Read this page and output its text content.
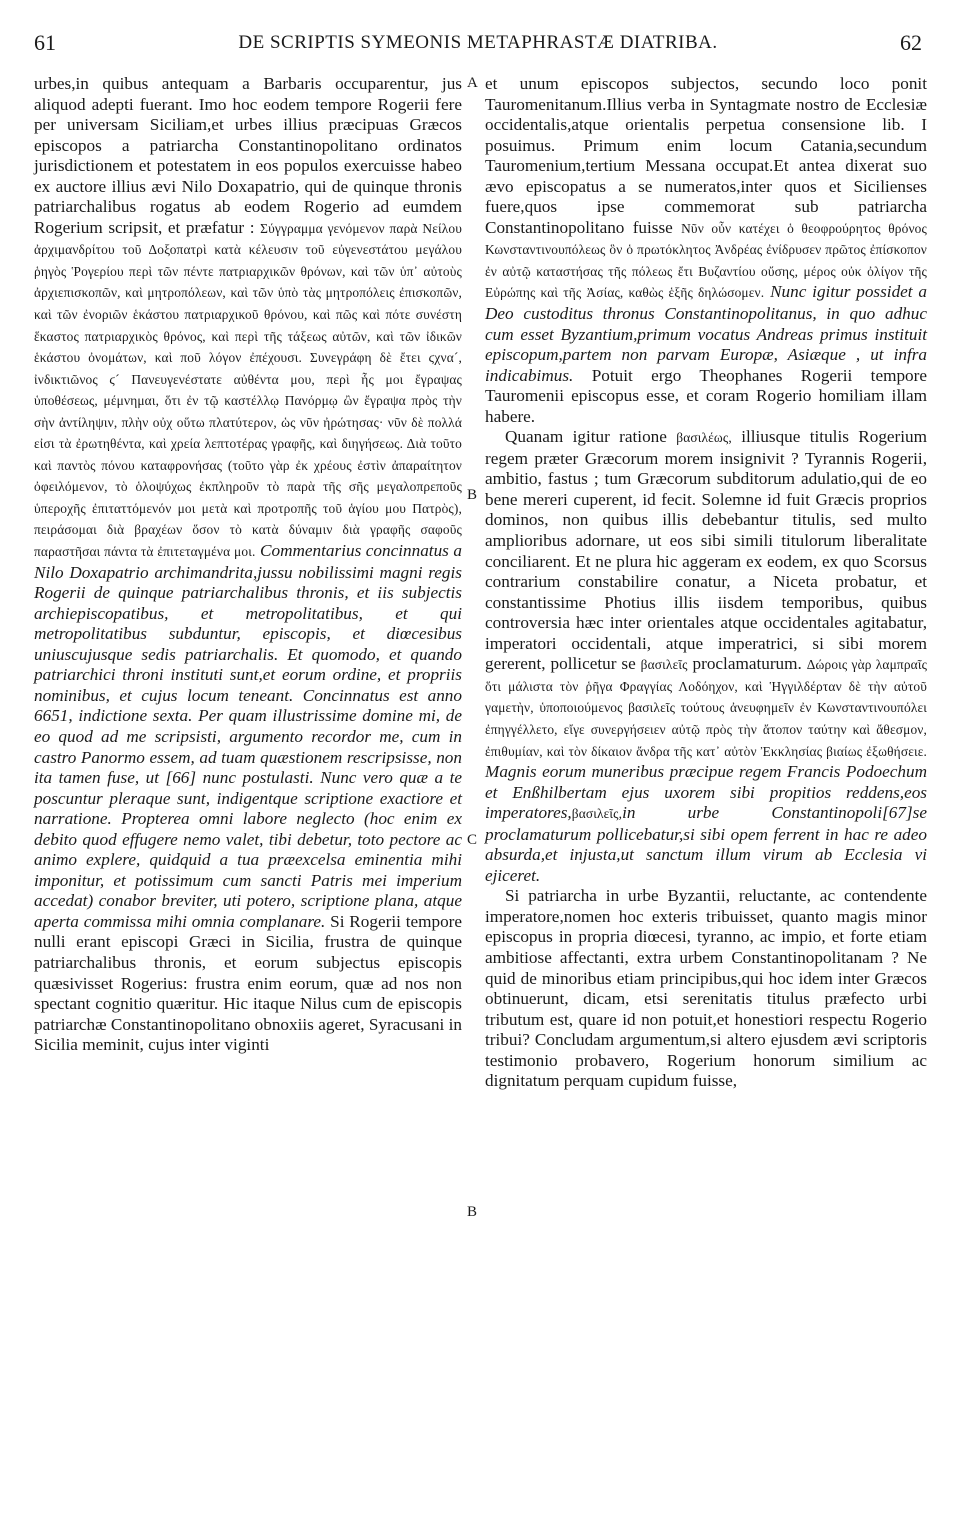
61	DE SCRIPTIS SYMEONIS METAPHRASTÆ DIATRIBA.	62
A
B
C
B

urbes,in quibus antequam a Barbaris occuparentur, jus aliquod adepti fuerant. Imo hoc eodem tempore Rogerii fere per universam Siciliam,et urbes illius præcipuas Græcos episcopos a patriarcha Constantinopolitano ordinatos jurisdictionem et potestatem in eos populos exercuisse habeo ex auctore illius ævi Nilo Doxapatrio, qui de quinque thronis patriarchalibus rogatus ab eodem Rogerio ad eumdem Rogerium scripsit, et præfatur : Σύγγραμμα γενόμενον παρὰ Νείλου ἀρχιμανδρίτου τοῦ Δοξοπατρὶ κατὰ κέλευσιν τοῦ εὐγενεστάτου μεγάλου ῥηγὸς Ῥογερίου περὶ τῶν πέντε πατριαρχικῶν θρόνων, καὶ τῶν ὑπ᾽ αὐτοὺς ἀρχιεπισκοπῶν, καὶ μητροπόλεων, καὶ τῶν ὑπὸ τὰς μητροπόλεις ἐπισκοπῶν, καὶ τῶν ἐνοριῶν ἑκάστου πατριαρχικοῦ θρόνου, καὶ πῶς καὶ πότε συνέστη ἕκαστος πατριαρχικὸς θρόνος, καὶ περὶ τῆς τάξεως αὐτῶν, καὶ τῶν ἰδικῶν ἑκάστου ὀνομάτων, καὶ ποῦ λόγον ἐπέχουσι. Συνεγράφη δὲ ἔτει ϛχνα´, ἰνδικτιῶνος ϛ´ Πανευγενέστατε αὐθέντα μου, περὶ ἧς μοι ἔγραψας ὑποθέσεως, μέμνημαι, ὅτι ἐν τῷ καστέλλῳ Πανόρμῳ ὢν ἔγραψα πρὸς τὴν σὴν ἀντίληψιν, πλὴν οὐχ οὕτω πλατύτερον, ὡς νῦν ἠρώτησας· νῦν δὲ πολλά εἰσι τὰ ἐρωτηθέντα, καὶ χρεία λεπτοτέρας γραφῆς, καὶ διηγήσεως. Διὰ τοῦτο καὶ παντὸς πόνου καταφρονήσας (τοῦτο γὰρ ἐκ χρέους ἐστὶν ἀπαραίτητον ὀφειλόμενον, τὸ ὁλοψύχως ἐκπληροῦν τὸ παρὰ τῆς σῆς μεγαλοπρεποῦς ὑπεροχῆς ἐπιταττόμενόν μοι μετὰ καὶ προτροπῆς τοῦ ἁγίου μου Πατρὸς), πειράσομαι διὰ βραχέων ὅσον τὸ κατὰ δύναμιν διὰ γραφῆς σαφοῦς παραστῆσαι πάντα τὰ ἐπιτεταγμένα μοι. Commentarius concinnatus a Nilo Doxapatrio archimandrita,jussu nobilissimi magni regis Rogerii de quinque patriarchalibus thronis, et iis subjectis archiepiscopatibus, et metropolitatibus, et qui metropolitatibus subduntur, episcopis, et diœcesibus uniuscujusque sedis patriarchalis. Et quomodo, et quando patriarchici throni instituti sunt,et eorum ordine, et propriis nominibus, et cujus locum teneant. Concinnatus est anno 6651, indictione sexta. Per quam illustrissime domine mi, de eo quod ad me scripsisti, argumento recordor me, cum in castro Panormo essem, ad tuam quæstionem rescripsisse, non ita tamen fuse, ut [66] nunc postulasti. Nunc vero quæ a te poscuntur pleraque sunt, indigentque scriptione exactiore et narratione. Propterea omni labore neglecto (hoc enim ex debito quod effugere nemo valet, tibi debetur, toto pectore ac animo explere, quidquid a tua præexcelsa eminentia mihi imponitur, et potissimum cum sancti Patris mei imperium accedat) conabor breviter, uti potero, scriptione plana, atque aperta commissa mihi omnia complanare. Si Rogerii tempore nulli erant episcopi Græci in Sicilia, frustra de quinque patriarchalibus thronis, et eorum subjectus episcopis quæsivisset Rogerius: frustra enim eorum, quæ ad nos non spectant cognitio quæritur. Hic itaque Nilus cum de episcopis patriarchæ Constantinopolitano obnoxiis ageret, Syracusani in Sicilia meminit, cujus inter viginti

et unum episcopos subjectos, secundo loco ponit Tauromenitanum.Illius verba in Syntagmate nostro de Ecclesiæ occidentalis,atque orientalis perpetua consensione lib. I posuimus. Primum enim locum Catania,secundum Tauromenium,tertium Messana occupat.Et antea dixerat suo ævo episcopatus a se numeratos,inter quos et Sicilienses fuere,quos ipse commemorat sub patriarcha Constantinopolitano fuisse Νῦν οὖν κατέχει ὁ θεοφρούρητος θρόνος Κωνσταντινουπόλεως ὃν ὁ πρωτόκλητος Ἀνδρέας ἐνίδρυσεν πρῶτος ἐπίσκοπον ἐν αὐτῷ καταστήσας τῆς πόλεως ἔτι Βυζαντίου οὔσης, μέρος οὐκ ὀλίγον τῆς Εὐρώπης καὶ τῆς Ἀσίας, καθὼς ἑξῆς δηλώσομεν. Nunc igitur possidet a Deo custoditus thronus Constantinopolitanus, in quo adhuc cum esset Byzantium,primum vocatus Andreas primus instituit episcopum,partem non parvam Europæ, Asiæque , ut infra indicabimus. Potuit ergo Theophanes Rogerii tempore Tauromenii episcopus esse, et coram Rogerio homiliam illam habere.

Quanam igitur ratione βασιλέως, illiusque titulis Rogerium regem præter Græcorum morem insignivit ? Tyrannis Rogerii, ambitio, fastus ; tum Græcorum subditorum adulatio,qui de eo bene mereri cuperent, id fecit. Solemne id fuit Græcis proprios dominos, non quibus illis debebantur titulis, sed multo amplioribus adornare, ut eos sibi simili titulorum liberalitate conciliarent. Et ne plura hic aggeram ex eodem, ex quo Scorsus contrarium constabilire conatur, a Niceta probatur, et constantissime Photius illis iisdem temporibus, quibus controversia hæc inter orientales atque occidentales agitabatur, imperatori occidentali, atque imperatrici, si sibi morem gererent, pollicetur se βασιλεῖς proclamaturum. Δώροις γὰρ λαμπραῖς ὅτι μάλιστα τὸν ῥῆγα Φραγγίας Λοδόηχον, καὶ Ἡγγιλδέρταν δὲ τὴν αὐτοῦ γαμετὴν, ὑποποιούμενος βασιλεῖς τούτους ἀνευφημεῖν ἐν Κωνσταντινουπόλει ἐπηγγέλλετο, εἴγε συνεργήσειεν αὐτῷ πρὸς τὴν ἄτοπον ταύτην καὶ ἄθεσμον, ἐπιθυμίαν, καὶ τὸν δίκαιον ἄνδρα τῆς κατ᾽ αὐτὸν Ἐκκλησίας βιαίως ἐξωθήσειε. Magnis eorum muneribus præcipue regem Francis Podoechum et Enßhilbertam ejus uxorem sibi propitios reddens,eos imperatores,βασιλεῖς,in urbe Constantinopoli[67]se proclamaturum pollicebatur,si sibi opem ferrent in hac re adeo absurda,et injusta,ut sanctum illum virum ab Ecclesia vi ejiceret.

Si patriarcha in urbe Byzantii, reluctante, ac contendente imperatore,nomen hoc exteris tribuisset, quanto magis minor episcopus in propria diœcesi, tyranno, ac impio, et forte etiam ambitiose affectanti, extra urbem Constantinopolitanam ? Ne quid de minoribus etiam principibus,qui hoc idem inter Græcos obtinuerunt, dicam, etsi serenitatis titulus præfecto urbi tributum est, quare id non potuit,et honestiori respectu Rogerio tribui? Concludam argumentum,si altero ejusdem ævi scriptoris testimonio probavero, Rogerium honorum similium ac dignitatum perquam cupidum fuisse,
